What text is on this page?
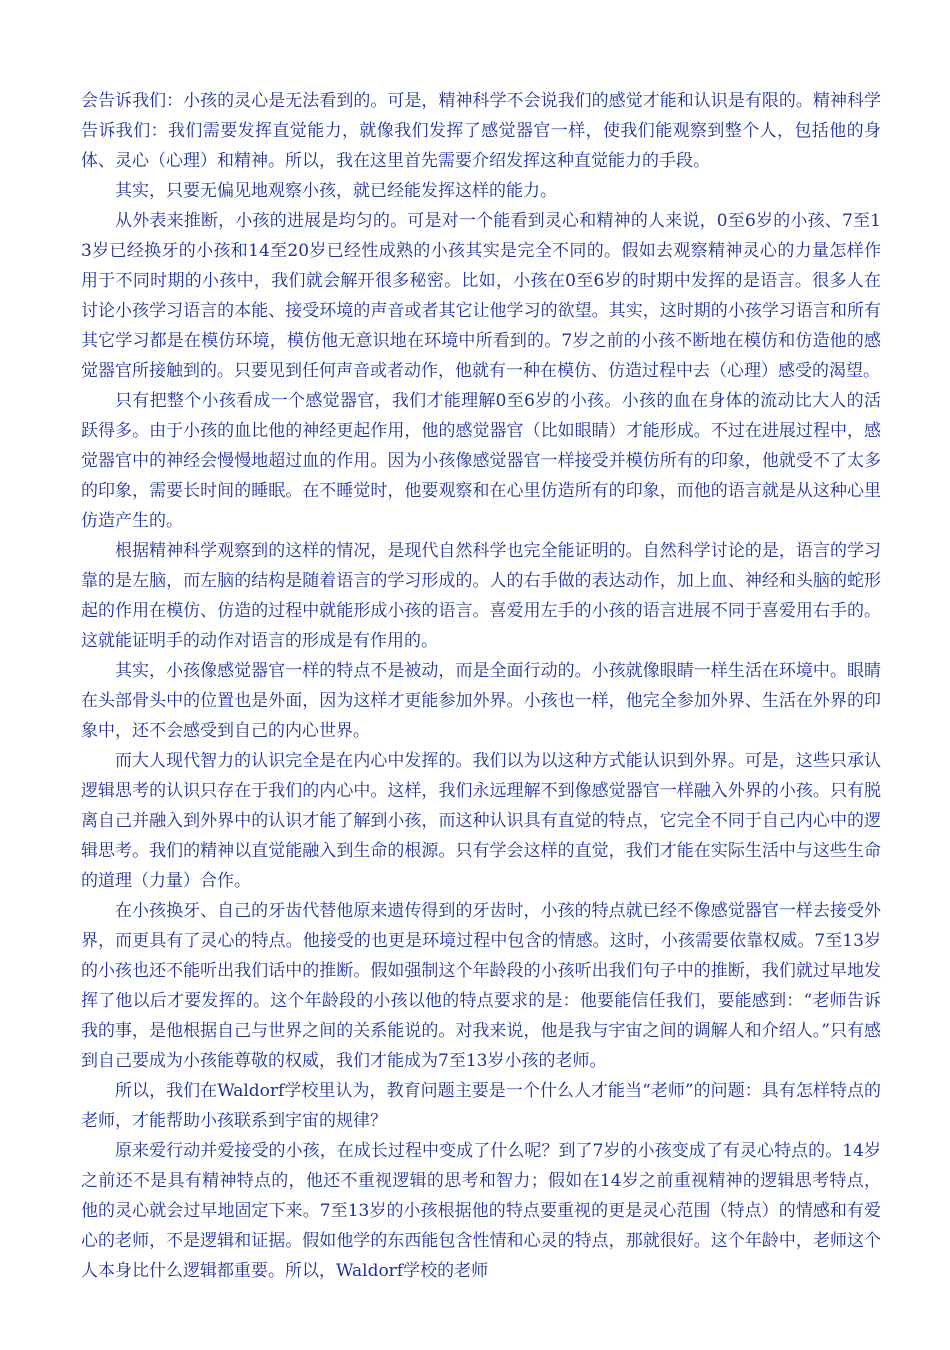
会告诉我们：小孩的灵心是无法看到的。可是，精神科学不会说我们的感觉才能和认识是有限的。精神科学告诉我们：我们需要发挥直觉能力，就像我们发挥了感觉器官一样，使我们能观察到整个人，包括他的身体、灵心（心理）和精神。所以，我在这里首先需要介绍发挥这种直觉能力的手段。

其实，只要无偏见地观察小孩，就已经能发挥这样的能力。

从外表来推断，小孩的进展是均匀的。可是对一个能看到灵心和精神的人来说，0至6岁的小孩、7至13岁已经换牙的小孩和14至20岁已经性成熟的小孩其实是完全不同的。假如去观察精神灵心的力量怎样作用于不同时期的小孩中，我们就会解开很多秘密。比如，小孩在0至6岁的时期中发挥的是语言。很多人在讨论小孩学习语言的本能、接受环境的声音或者其它让他学习的欲望。其实，这时期的小孩学习语言和所有其它学习都是在模仿环境，模仿他无意识地在环境中所看到的。7岁之前的小孩不断地在模仿和仿造他的感觉器官所接触到的。只要见到任何声音或者动作，他就有一种在模仿、仿造过程中去（心理）感受的渴望。

只有把整个小孩看成一个感觉器官，我们才能理解0至6岁的小孩。小孩的血在身体的流动比大人的活跃得多。由于小孩的血比他的神经更起作用，他的感觉器官（比如眼睛）才能形成。不过在进展过程中，感觉器官中的神经会慢慢地超过血的作用。因为小孩像感觉器官一样接受并模仿所有的印象，他就受不了太多的印象，需要长时间的睡眠。在不睡觉时，他要观察和在心里仿造所有的印象，而他的语言就是从这种心里仿造产生的。

根据精神科学观察到的这样的情况，是现代自然科学也完全能证明的。自然科学讨论的是，语言的学习靠的是左脑，而左脑的结构是随着语言的学习形成的。人的右手做的表达动作，加上血、神经和头脑的蛇形起的作用在模仿、仿造的过程中就能形成小孩的语言。喜爱用左手的小孩的语言进展不同于喜爱用右手的。这就能证明手的动作对语言的形成是有作用的。

其实，小孩像感觉器官一样的特点不是被动，而是全面行动的。小孩就像眼睛一样生活在环境中。眼睛在头部骨头中的位置也是外面，因为这样才更能参加外界。小孩也一样，他完全参加外界、生活在外界的印象中，还不会感受到自己的内心世界。

而大人现代智力的认识完全是在内心中发挥的。我们以为以这种方式能认识到外界。可是，这些只承认逻辑思考的认识只存在于我们的内心中。这样，我们永远理解不到像感觉器官一样融入外界的小孩。只有脱离自己并融入到外界中的认识才能了解到小孩，而这种认识具有直觉的特点，它完全不同于自己内心中的逻辑思考。我们的精神以直觉能融入到生命的根源。只有学会这样的直觉，我们才能在实际生活中与这些生命的道理（力量）合作。

在小孩换牙、自己的牙齿代替他原来遗传得到的牙齿时，小孩的特点就已经不像感觉器官一样去接受外界，而更具有了灵心的特点。他接受的也更是环境过程中包含的情感。这时，小孩需要依靠权威。7至13岁的小孩也还不能听出我们话中的推断。假如强制这个年龄段的小孩听出我们句子中的推断，我们就过早地发挥了他以后才要发挥的。这个年龄段的小孩以他的特点要求的是：他要能信任我们，要能感到：“老师告诉我的事，是他根据自己与世界之间的关系能说的。对我来说，他是我与宇宙之间的调解人和介绍人。”只有感到自己要成为小孩能尊敬的权威，我们才能成为7至13岁小孩的老师。

所以，我们在Waldorf学校里认为，教育问题主要是一个什么人才能当“老师”的问题：具有怎样特点的老师，才能帮助小孩联系到宇宙的规律？

原来爱行动并爱接受的小孩，在成长过程中变成了什么呢？到了7岁的小孩变成了有灵心特点的。14岁之前还不是具有精神特点的，他还不重视逻辑的思考和智力；假如在14岁之前重视精神的逻辑思考特点，他的灵心就会过早地固定下来。7至13岁的小孩根据他的特点要重视的更是灵心范围（特点）的情感和有爱心的老师，不是逻辑和证据。假如他学的东西能包含性情和心灵的特点，那就很好。这个年龄中，老师这个人本身比什么逻辑都重要。所以，Waldorf学校的老师
